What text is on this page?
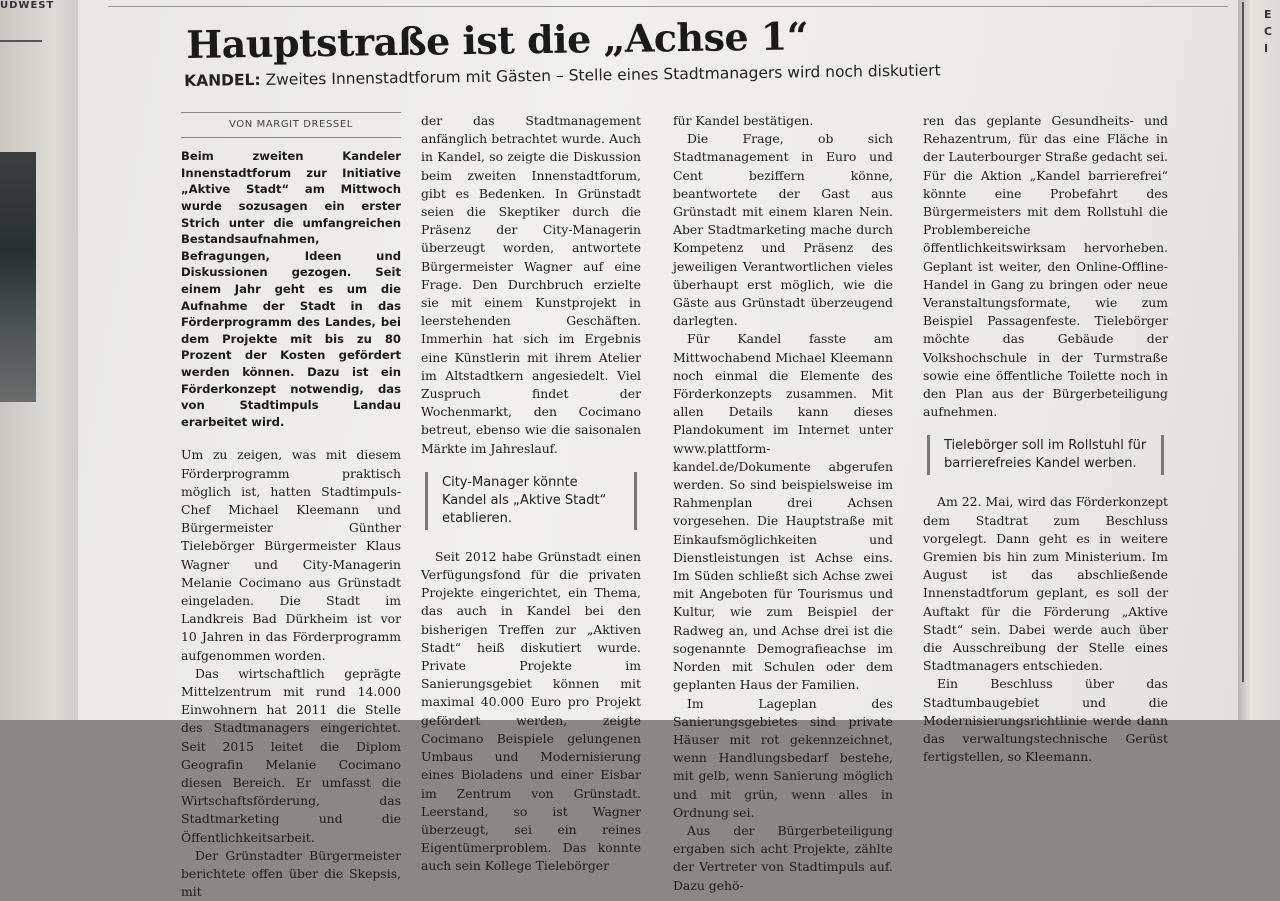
ÜDWEST
Hauptstraße ist die „Achse 1“

KANDEL: Zweites Innenstadtforum mit Gästen – Stelle eines Stadtmanagers wird noch diskutiert

VON MARGIT DRESSEL

Beim zweiten Kandeler Innenstadtforum zur Initiative „Aktive Stadt“ am Mittwoch wurde sozusagen ein erster Strich unter die umfangreichen Bestandsaufnahmen, Befragungen, Ideen und Diskussionen gezogen. Seit einem Jahr geht es um die Aufnahme der Stadt in das Förderprogramm des Landes, bei dem Projekte mit bis zu 80 Prozent der Kosten gefördert werden können. Dazu ist ein Förderkonzept notwendig, das von Stadtimpuls Landau erarbeitet wird.

Um zu zeigen, was mit diesem Förderprogramm praktisch möglich ist, hatten Stadtimpuls-Chef Michael Kleemann und Bürgermeister Günther Tielebörger Bürgermeister Klaus Wagner und City-Managerin Melanie Cocimano aus Grünstadt eingeladen. Die Stadt im Landkreis Bad Dürkheim ist vor 10 Jahren in das Förderprogramm aufgenommen worden.

Das wirtschaftlich geprägte Mittelzentrum mit rund 14.000 Einwohnern hat 2011 die Stelle des Stadtmanagers eingerichtet. Seit 2015 leitet die Diplom Geografin Melanie Cocimano diesen Bereich. Er umfasst die Wirtschaftsförderung, das Stadtmarketing und die Öffentlichkeitsarbeit.

Der Grünstadter Bürgermeister berichtete offen über die Skepsis, mit

der das Stadtmanagement anfänglich betrachtet wurde. Auch in Kandel, so zeigte die Diskussion beim zweiten Innenstadtforum, gibt es Bedenken. In Grünstadt seien die Skeptiker durch die Präsenz der City-Managerin überzeugt worden, antwortete Bürgermeister Wagner auf eine Frage. Den Durchbruch erzielte sie mit einem Kunstprojekt in leerstehenden Geschäften. Immerhin hat sich im Ergebnis eine Künstlerin mit ihrem Atelier im Altstadtkern angesiedelt. Viel Zuspruch findet der Wochenmarkt, den Cocimano betreut, ebenso wie die saisonalen Märkte im Jahreslauf.

City-Manager könnte Kandel als „Aktive Stadt“ etablieren.

Seit 2012 habe Grünstadt einen Verfügungsfond für die privaten Projekte eingerichtet, ein Thema, das auch in Kandel bei den bisherigen Treffen zur „Aktiven Stadt“ heiß diskutiert wurde. Private Projekte im Sanierungsgebiet können mit maximal 40.000 Euro pro Projekt gefördert werden, zeigte Cocimano Beispiele gelungenen Umbaus und Modernisierung eines Bioladens und einer Eisbar im Zentrum von Grünstadt. Leerstand, so ist Wagner überzeugt, sei ein reines Eigentümerproblem. Das konnte auch sein Kollege Tielebörger

für Kandel bestätigen.

Die Frage, ob sich Stadtmanagement in Euro und Cent beziffern könne, beantwortete der Gast aus Grünstadt mit einem klaren Nein. Aber Stadtmarketing mache durch Kompetenz und Präsenz des jeweiligen Verantwortlichen vieles überhaupt erst möglich, wie die Gäste aus Grünstadt überzeugend darlegten.

Für Kandel fasste am Mittwochabend Michael Kleemann noch einmal die Elemente des Förderkonzepts zusammen. Mit allen Details kann dieses Plandokument im Internet unter www.plattform-kandel.de/Dokumente abgerufen werden. So sind beispielsweise im Rahmenplan drei Achsen vorgesehen. Die Hauptstraße mit Einkaufsmöglichkeiten und Dienstleistungen ist Achse eins. Im Süden schließt sich Achse zwei mit Angeboten für Tourismus und Kultur, wie zum Beispiel der Radweg an, und Achse drei ist die sogenannte Demografieachse im Norden mit Schulen oder dem geplanten Haus der Familien.

Im Lageplan des Sanierungsgebietes sind private Häuser mit rot gekennzeichnet, wenn Handlungsbedarf bestehe, mit gelb, wenn Sanierung möglich und mit grün, wenn alles in Ordnung sei.

Aus der Bürgerbeteiligung ergaben sich acht Projekte, zählte der Vertreter von Stadtimpuls auf. Dazu gehö-

ren das geplante Gesundheits- und Rehazentrum, für das eine Fläche in der Lauterbourger Straße gedacht sei. Für die Aktion „Kandel barrierefrei“ könnte eine Probefahrt des Bürgermeisters mit dem Rollstuhl die Problembereiche öffentlichkeitswirksam hervorheben. Geplant ist weiter, den Online-Offline-Handel in Gang zu bringen oder neue Veranstaltungsformate, wie zum Beispiel Passagenfeste. Tielebörger möchte das Gebäude der Volkshochschule in der Turmstraße sowie eine öffentliche Toilette noch in den Plan aus der Bürgerbeteiligung aufnehmen.

Tielebörger soll im Rollstuhl für barrierefreies Kandel werben.

Am 22. Mai, wird das Förderkonzept dem Stadtrat zum Beschluss vorgelegt. Dann geht es in weitere Gremien bis hin zum Ministerium. Im August ist das abschließende Innenstadtforum geplant, es soll der Auftakt für die Förderung „Aktive Stadt“ sein. Dabei werde auch über die Ausschreibung der Stelle eines Stadtmanagers entschieden.

Ein Beschluss über das Stadtumbaugebiet und die Modernisierungsrichtlinie werde dann das verwaltungstechnische Gerüst fertigstellen, so Kleemann.

E
C
I
